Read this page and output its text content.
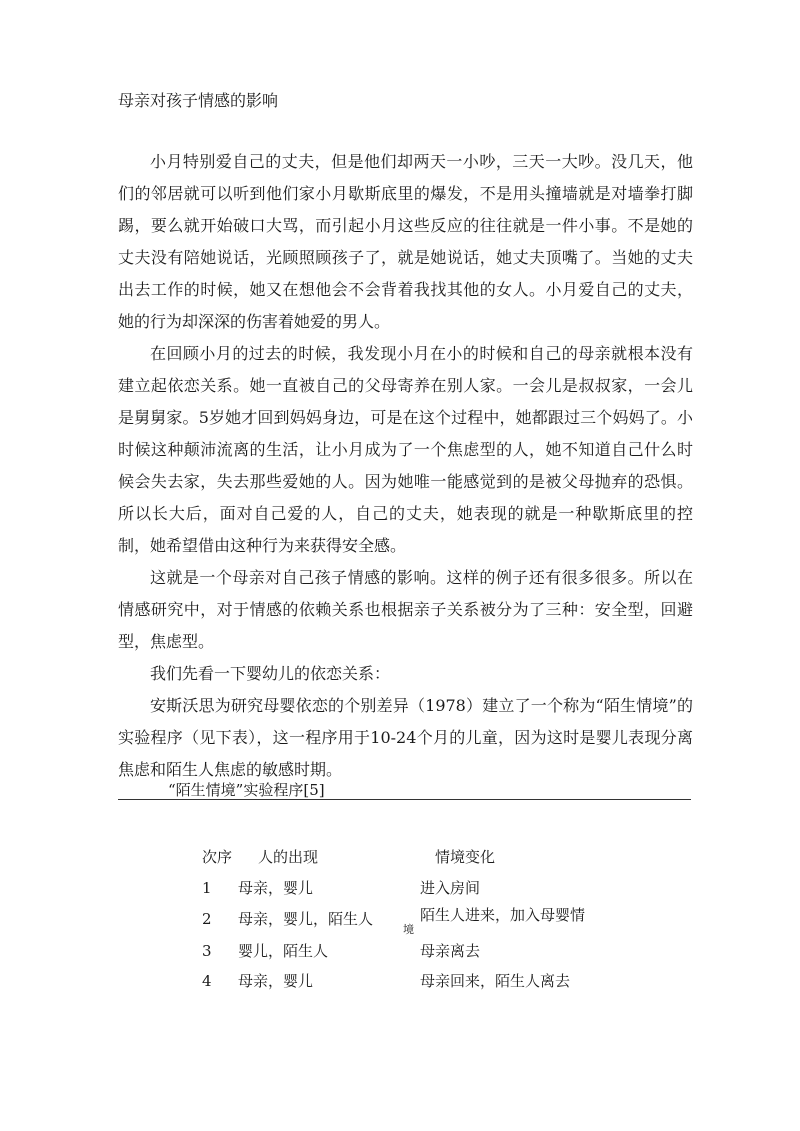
母亲对孩子情感的影响

小月特别爱自己的丈夫，但是他们却两天一小吵，三天一大吵。没几天，他们的邻居就可以听到他们家小月歇斯底里的爆发，不是用头撞墙就是对墙拳打脚踢，要么就开始破口大骂，而引起小月这些反应的往往就是一件小事。不是她的丈夫没有陪她说话，光顾照顾孩子了，就是她说话，她丈夫顶嘴了。当她的丈夫出去工作的时候，她又在想他会不会背着我找其他的女人。小月爱自己的丈夫，她的行为却深深的伤害着她爱的男人。

在回顾小月的过去的时候，我发现小月在小的时候和自己的母亲就根本没有建立起依恋关系。她一直被自己的父母寄养在别人家。一会儿是叔叔家，一会儿是舅舅家。5岁她才回到妈妈身边，可是在这个过程中，她都跟过三个妈妈了。小时候这种颠沛流离的生活，让小月成为了一个焦虑型的人，她不知道自己什么时候会失去家，失去那些爱她的人。因为她唯一能感觉到的是被父母抛弃的恐惧。所以长大后，面对自己爱的人，自己的丈夫，她表现的就是一种歇斯底里的控制，她希望借由这种行为来获得安全感。

这就是一个母亲对自己孩子情感的影响。这样的例子还有很多很多。所以在情感研究中，对于情感的依赖关系也根据亲子关系被分为了三种：安全型，回避型，焦虑型。

我们先看一下婴幼儿的依恋关系：

安斯沃思为研究母婴依恋的个别差异（1978）建立了一个称为“陌生情境”的实验程序（见下表），这一程序用于10-24个月的儿童，因为这时是婴儿表现分离焦虑和陌生人焦虑的敏感时期。

“陌生情境”实验程序[5]
次序 人的出现	情境变化
1 母亲，婴儿	进入房间
2 母亲，婴儿，陌生人	陌生人进来，加入母婴情
境
3 婴儿，陌生人	母亲离去
4 母亲，婴儿	母亲回来，陌生人离去
